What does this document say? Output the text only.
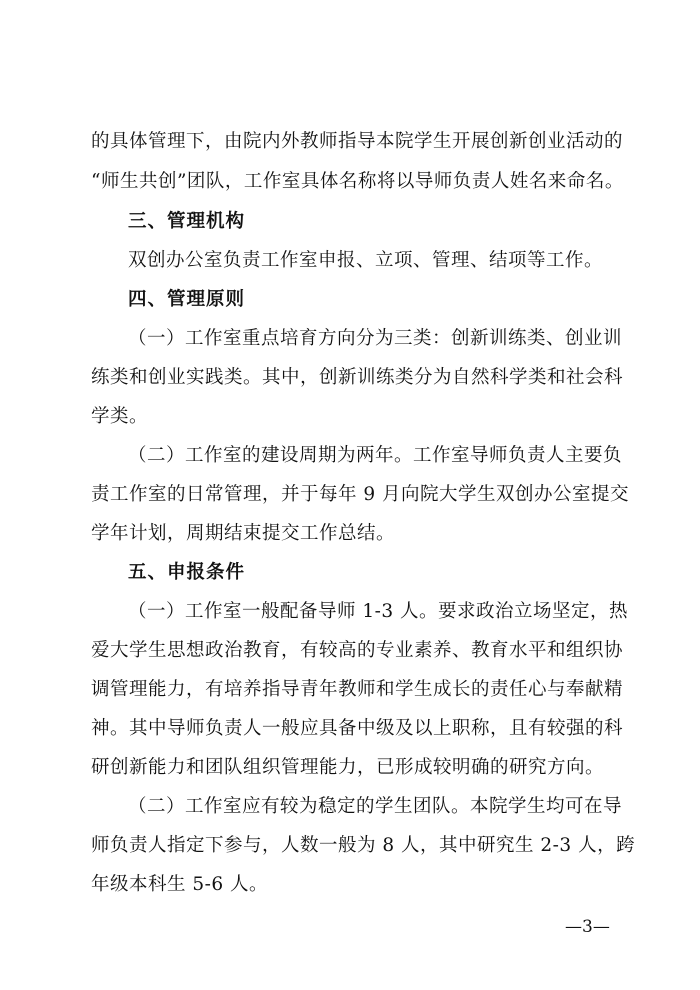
的具体管理下，由院内外教师指导本院学生开展创新创业活动的
“师生共创”团队，工作室具体名称将以导师负责人姓名来命名。
三、管理机构
双创办公室负责工作室申报、立项、管理、结项等工作。
四、管理原则
（一）工作室重点培育方向分为三类：创新训练类、创业训
练类和创业实践类。其中，创新训练类分为自然科学类和社会科
学类。
（二）工作室的建设周期为两年。工作室导师负责人主要负
责工作室的日常管理，并于每年 9 月向院大学生双创办公室提交
学年计划，周期结束提交工作总结。
五、申报条件
（一）工作室一般配备导师 1-3 人。要求政治立场坚定，热
爱大学生思想政治教育，有较高的专业素养、教育水平和组织协
调管理能力，有培养指导青年教师和学生成长的责任心与奉献精
神。其中导师负责人一般应具备中级及以上职称，且有较强的科
研创新能力和团队组织管理能力，已形成较明确的研究方向。
（二）工作室应有较为稳定的学生团队。本院学生均可在导
师负责人指定下参与，人数一般为 8 人，其中研究生 2-3 人，跨
年级本科生 5-6 人。
—3—
